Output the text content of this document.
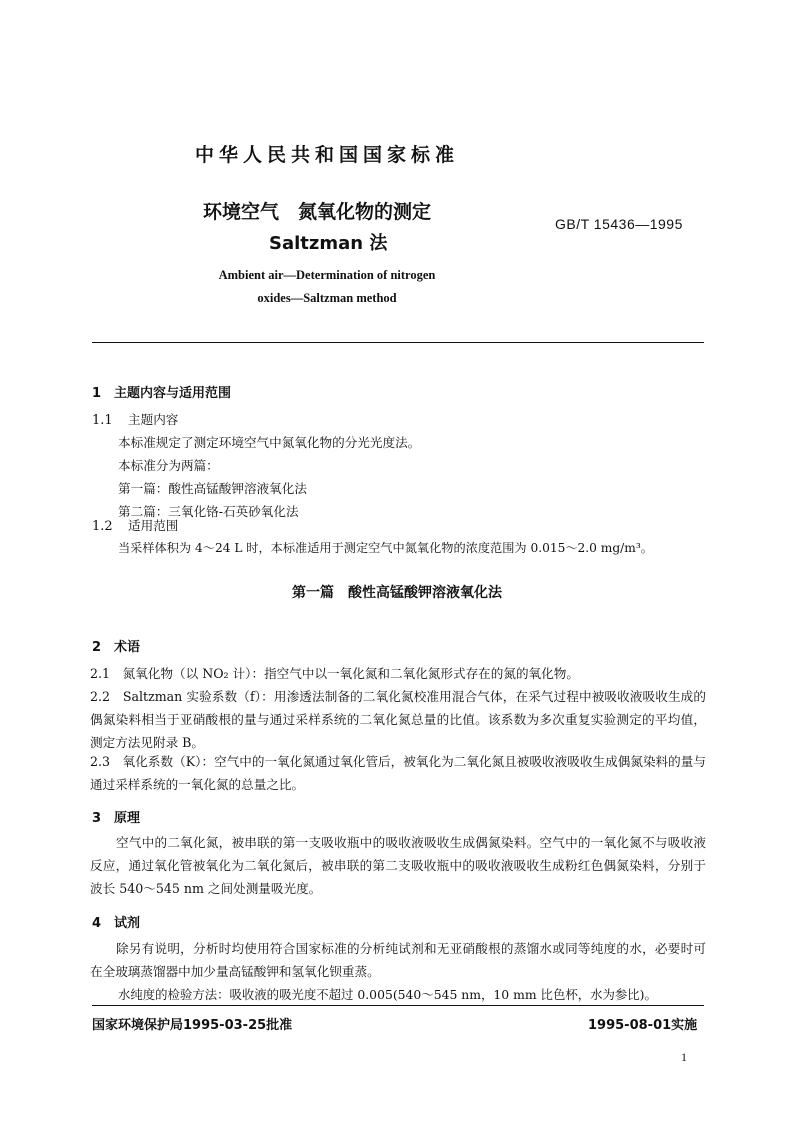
中华人民共和国国家标准
环境空气　氮氧化物的测定
Saltzman 法
GB/T 15436—1995
Ambient air—Determination of nitrogen
oxides—Saltzman method
1　主题内容与适用范围
1.1 主题内容
本标准规定了测定环境空气中氮氧化物的分光光度法。
本标准分为两篇：
第一篇：酸性高锰酸钾溶液氧化法
第二篇：三氧化铬-石英砂氧化法
1.2 适用范围
当采样体积为 4～24 L 时，本标准适用于测定空气中氮氧化物的浓度范围为 0.015～2.0 mg/m³。
第一篇　酸性高锰酸钾溶液氧化法
2　术语
2.1　氮氧化物（以 NO₂ 计）：指空气中以一氧化氮和二氧化氮形式存在的氮的氧化物。
2.2　Saltzman 实验系数（f）：用渗透法制备的二氧化氮校准用混合气体，在采气过程中被吸收液吸收生成的偶氮染料相当于亚硝酸根的量与通过采样系统的二氧化氮总量的比值。该系数为多次重复实验测定的平均值，测定方法见附录 B。
2.3　氧化系数（K）：空气中的一氧化氮通过氧化管后，被氧化为二氧化氮且被吸收液吸收生成偶氮染料的量与通过采样系统的一氧化氮的总量之比。
3　原理
空气中的二氧化氮，被串联的第一支吸收瓶中的吸收液吸收生成偶氮染料。空气中的一氧化氮不与吸收液反应，通过氧化管被氧化为二氧化氮后，被串联的第二支吸收瓶中的吸收液吸收生成粉红色偶氮染料，分别于波长 540～545 nm 之间处测量吸光度。
4　试剂
除另有说明，分析时均使用符合国家标准的分析纯试剂和无亚硝酸根的蒸馏水或同等纯度的水，必要时可在全玻璃蒸馏器中加少量高锰酸钾和氢氧化钡重蒸。
水纯度的检验方法：吸收液的吸光度不超过 0.005(540～545 nm，10 mm 比色杯，水为参比)。
国家环境保护局1995-03-25批准	1995-08-01实施
1
